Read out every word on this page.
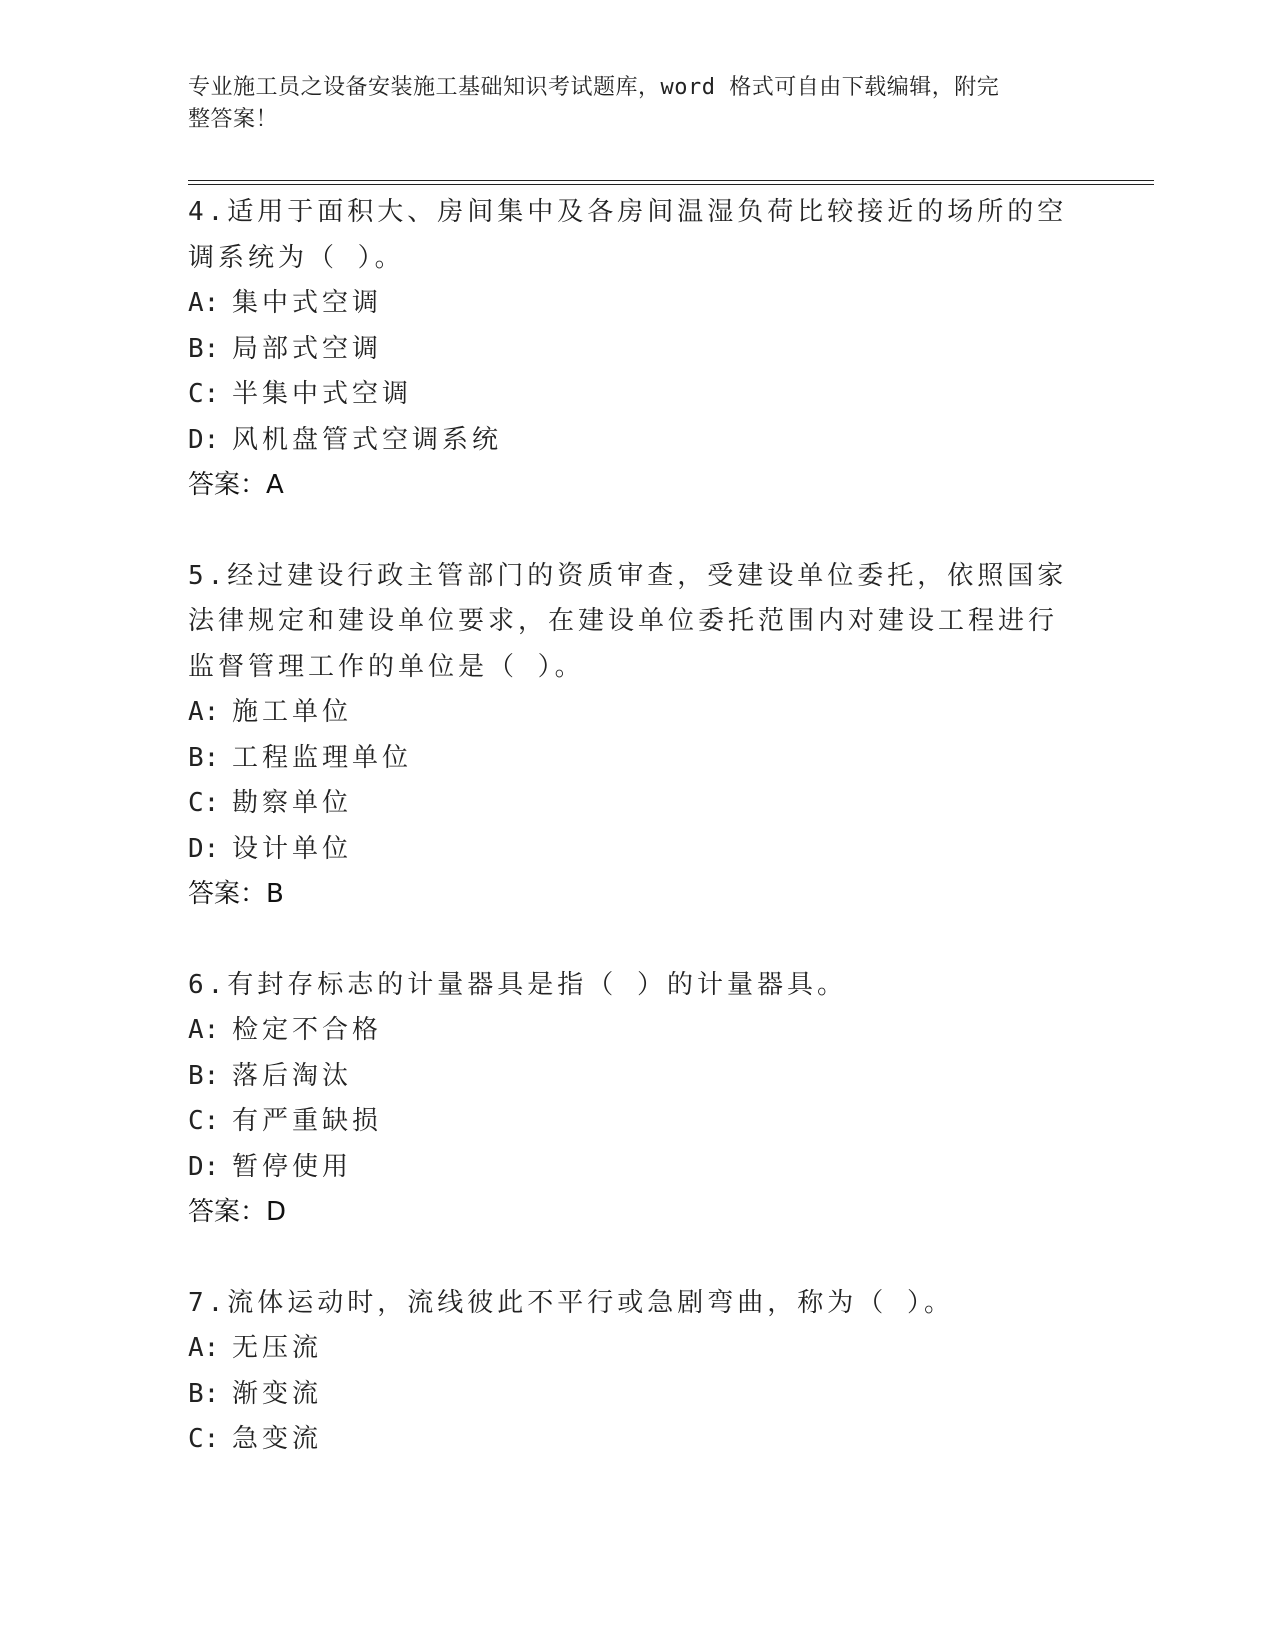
专业施工员之设备安装施工基础知识考试题库，word 格式可自由下载编辑，附完
整答案！
4.适用于面积大、房间集中及各房间温湿负荷比较接近的场所的空调系统为（ ）。
A: 集中式空调
B: 局部式空调
C: 半集中式空调
D: 风机盘管式空调系统
答案：A
5.经过建设行政主管部门的资质审查，受建设单位委托，依照国家法律规定和建设单位要求，在建设单位委托范围内对建设工程进行监督管理工作的单位是（ ）。
A: 施工单位
B: 工程监理单位
C: 勘察单位
D: 设计单位
答案：B
6.有封存标志的计量器具是指（ ）的计量器具。
A: 检定不合格
B: 落后淘汰
C: 有严重缺损
D: 暂停使用
答案：D
7.流体运动时，流线彼此不平行或急剧弯曲，称为（ ）。
A: 无压流
B: 渐变流
C: 急变流
